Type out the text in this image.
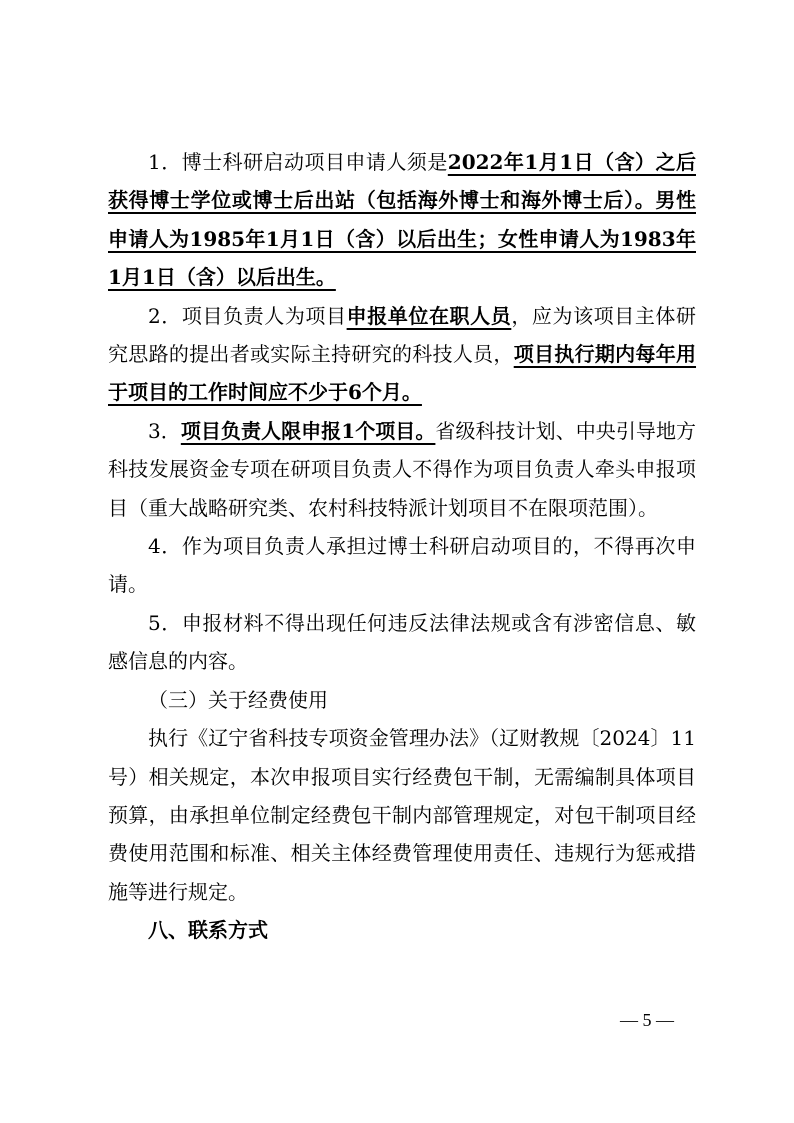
1．博士科研启动项目申请人须是2022年1月1日（含）之后获得博士学位或博士后出站（包括海外博士和海外博士后）。男性申请人为1985年1月1日（含）以后出生；女性申请人为1983年1月1日（含）以后出生。

2．项目负责人为项目申报单位在职人员，应为该项目主体研究思路的提出者或实际主持研究的科技人员，项目执行期内每年用于项目的工作时间应不少于6个月。

3．项目负责人限申报1个项目。省级科技计划、中央引导地方科技发展资金专项在研项目负责人不得作为项目负责人牵头申报项目（重大战略研究类、农村科技特派计划项目不在限项范围）。

4．作为项目负责人承担过博士科研启动项目的，不得再次申请。

5．申报材料不得出现任何违反法律法规或含有涉密信息、敏感信息的内容。

（三）关于经费使用

执行《辽宁省科技专项资金管理办法》（辽财教规〔2024〕11号）相关规定，本次申报项目实行经费包干制，无需编制具体项目预算，由承担单位制定经费包干制内部管理规定，对包干制项目经费使用范围和标准、相关主体经费管理使用责任、违规行为惩戒措施等进行规定。

八、联系方式

— 5 —
